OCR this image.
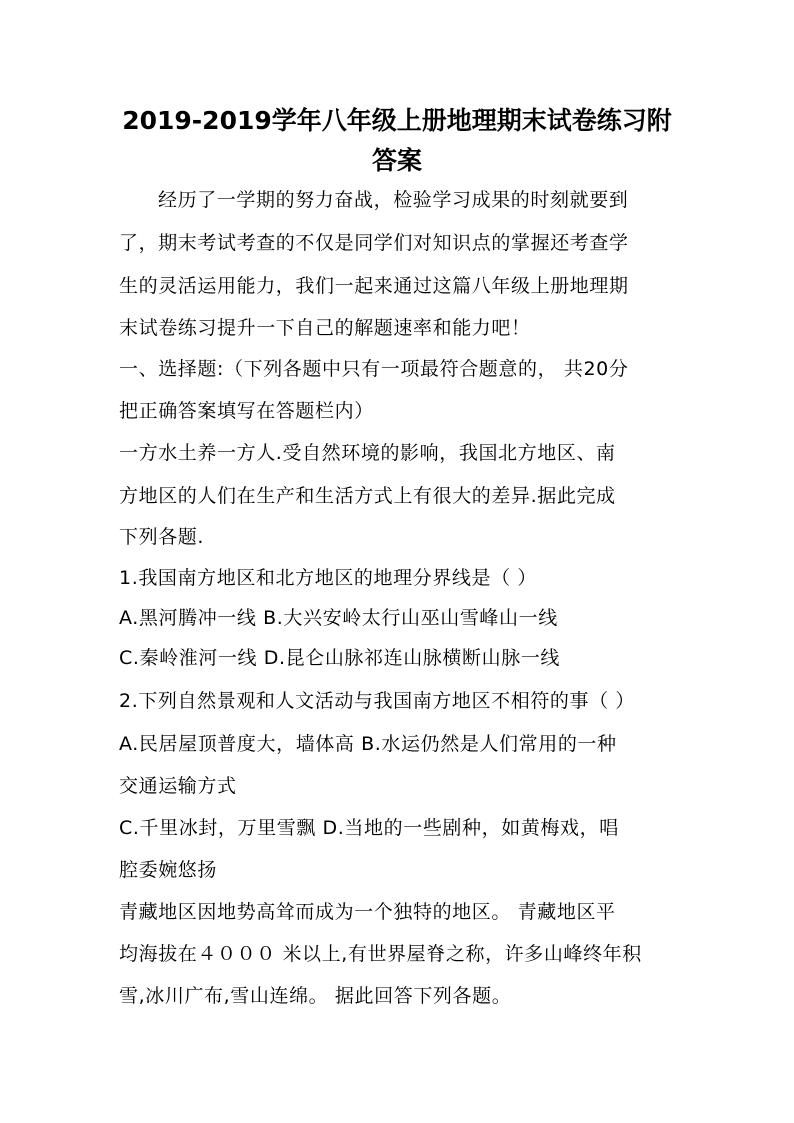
2019-2019学年八年级上册地理期末试卷练习附
答案
经历了一学期的努力奋战，检验学习成果的时刻就要到
了，期末考试考查的不仅是同学们对知识点的掌握还考查学
生的灵活运用能力，我们一起来通过这篇八年级上册地理期
末试卷练习提升一下自己的解题速率和能力吧！
一、选择题:（下列各题中只有一项最符合题意的， 共20分
把正确答案填写在答题栏内）
一方水土养一方人.受自然环境的影响，我国北方地区、南
方地区的人们在生产和生活方式上有很大的差异.据此完成
下列各题.
1.我国南方地区和北方地区的地理分界线是（ ）
A.黑河腾冲一线 B.大兴安岭太行山巫山雪峰山一线
C.秦岭淮河一线 D.昆仑山脉祁连山脉横断山脉一线
2.下列自然景观和人文活动与我国南方地区不相符的事（ ）
A.民居屋顶普度大，墙体高 B.水运仍然是人们常用的一种
交通运输方式
C.千里冰封，万里雪飘 D.当地的一些剧种，如黄梅戏，唱
腔委婉悠扬
青藏地区因地势高耸而成为一个独特的地区。 青藏地区平
均海拔在４０００ 米以上,有世界屋脊之称，许多山峰终年积
雪,冰川广布,雪山连绵。 据此回答下列各题。
